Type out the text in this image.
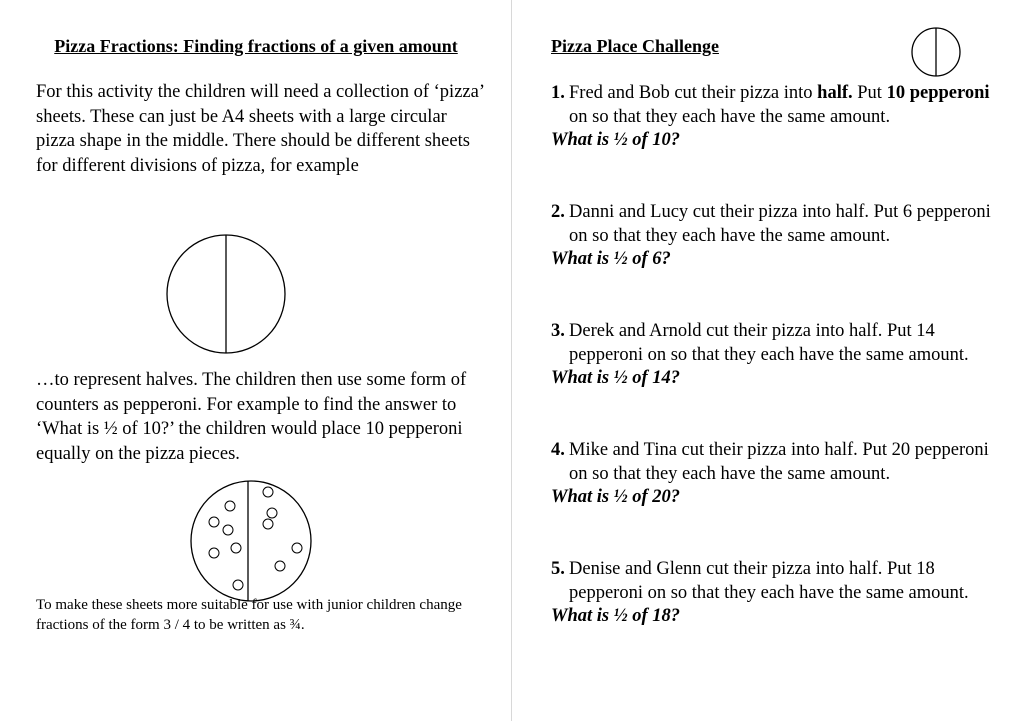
Pizza Fractions: Finding fractions of a given amount

For this activity the children will need a collection of ‘pizza’ sheets. These can just be A4 sheets with a large circular pizza shape in the middle. There should be different sheets for different divisions of pizza, for example

…to represent halves. The children then use some form of counters as pepperoni. For example to find the answer to ‘What is ½ of 10?’ the children would place 10 pepperoni equally on the pizza pieces.

To make these sheets more suitable for use with junior children change fractions of the form 3 / 4 to be written as ¾.

Pizza Place Challenge
1. Fred and Bob cut their pizza into half. Put 10 pepperoni on so that they each have the same amount.
What is ½ of 10?
2. Danni and Lucy cut their pizza into half. Put 6 pepperoni on so that they each have the same amount.
What is ½ of 6?
3. Derek and Arnold cut their pizza into half. Put 14 pepperoni on so that they each have the same amount.
What is ½ of 14?
4. Mike and Tina cut their pizza into half. Put 20 pepperoni on so that they each have the same amount.
What is ½ of 20?
5. Denise and Glenn cut their pizza into half. Put 18 pepperoni on so that they each have the same amount.
What is ½ of 18?
